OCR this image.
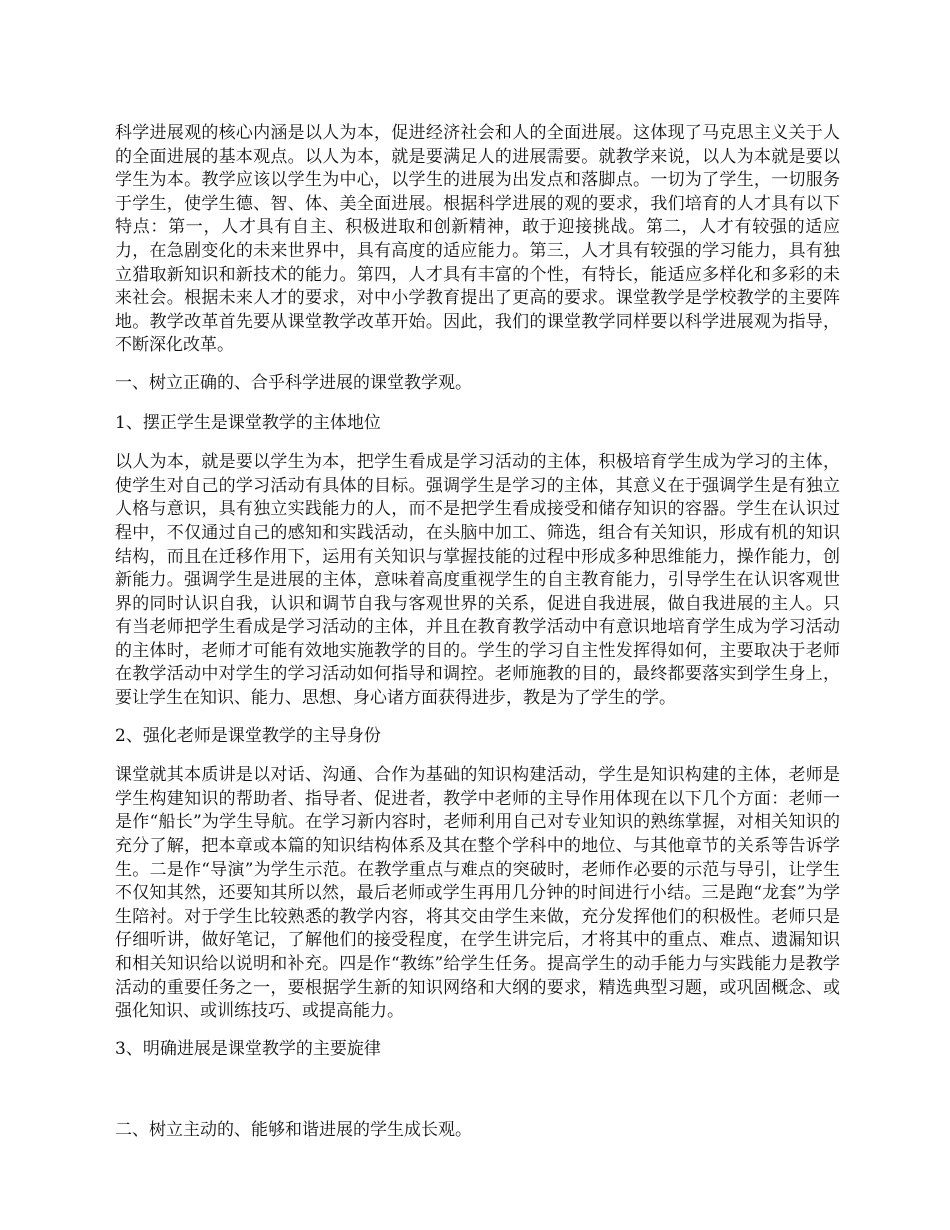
科学进展观的核心内涵是以人为本，促进经济社会和人的全面进展。这体现了马克思主义关于人的全面进展的基本观点。以人为本，就是要满足人的进展需要。就教学来说，以人为本就是要以学生为本。教学应该以学生为中心，以学生的进展为出发点和落脚点。一切为了学生，一切服务于学生，使学生德、智、体、美全面进展。根据科学进展的观的要求，我们培育的人才具有以下特点：第一，人才具有自主、积极进取和创新精神，敢于迎接挑战。第二，人才有较强的适应力，在急剧变化的未来世界中，具有高度的适应能力。第三，人才具有较强的学习能力，具有独立猎取新知识和新技术的能力。第四，人才具有丰富的个性，有特长，能适应多样化和多彩的未来社会。根据未来人才的要求，对中小学教育提出了更高的要求。课堂教学是学校教学的主要阵地。教学改革首先要从课堂教学改革开始。因此，我们的课堂教学同样要以科学进展观为指导，不断深化改革。

一、树立正确的、合乎科学进展的课堂教学观。

1、摆正学生是课堂教学的主体地位

以人为本，就是要以学生为本，把学生看成是学习活动的主体，积极培育学生成为学习的主体，使学生对自己的学习活动有具体的目标。强调学生是学习的主体，其意义在于强调学生是有独立人格与意识，具有独立实践能力的人，而不是把学生看成接受和储存知识的容器。学生在认识过程中，不仅通过自己的感知和实践活动，在头脑中加工、筛选，组合有关知识，形成有机的知识结构，而且在迁移作用下，运用有关知识与掌握技能的过程中形成多种思维能力，操作能力，创新能力。强调学生是进展的主体，意味着高度重视学生的自主教育能力，引导学生在认识客观世界的同时认识自我，认识和调节自我与客观世界的关系，促进自我进展，做自我进展的主人。只有当老师把学生看成是学习活动的主体，并且在教育教学活动中有意识地培育学生成为学习活动的主体时，老师才可能有效地实施教学的目的。学生的学习自主性发挥得如何，主要取决于老师在教学活动中对学生的学习活动如何指导和调控。老师施教的目的，最终都要落实到学生身上，要让学生在知识、能力、思想、身心诸方面获得进步，教是为了学生的学。

2、强化老师是课堂教学的主导身份

课堂就其本质讲是以对话、沟通、合作为基础的知识构建活动，学生是知识构建的主体，老师是学生构建知识的帮助者、指导者、促进者，教学中老师的主导作用体现在以下几个方面：老师一是作“船长”为学生导航。在学习新内容时，老师利用自己对专业知识的熟练掌握，对相关知识的充分了解，把本章或本篇的知识结构体系及其在整个学科中的地位、与其他章节的关系等告诉学生。二是作“导演”为学生示范。在教学重点与难点的突破时，老师作必要的示范与导引，让学生不仅知其然，还要知其所以然，最后老师或学生再用几分钟的时间进行小结。三是跑“龙套”为学生陪衬。对于学生比较熟悉的教学内容，将其交由学生来做，充分发挥他们的积极性。老师只是仔细听讲，做好笔记，了解他们的接受程度，在学生讲完后，才将其中的重点、难点、遗漏知识和相关知识给以说明和补充。四是作“教练”给学生任务。提高学生的动手能力与实践能力是教学活动的重要任务之一，要根据学生新的知识网络和大纲的要求，精选典型习题，或巩固概念、或强化知识、或训练技巧、或提高能力。

3、明确进展是课堂教学的主要旋律

二、树立主动的、能够和谐进展的学生成长观。
